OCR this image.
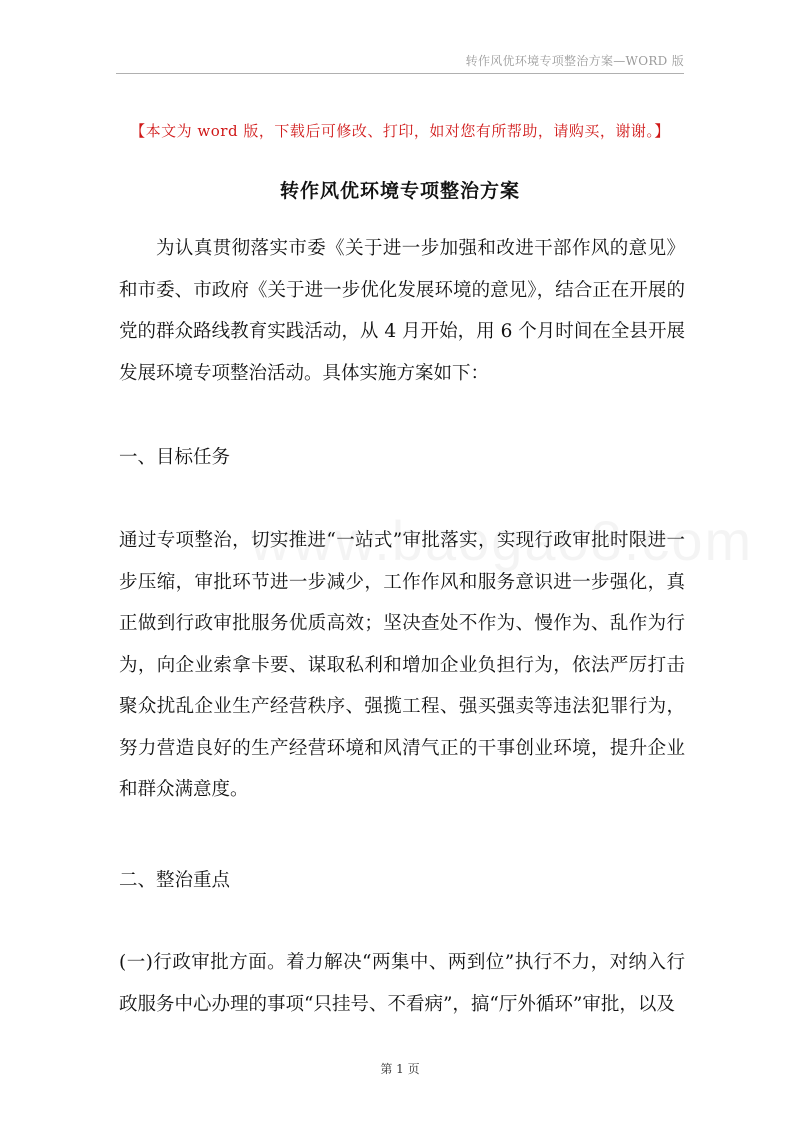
转作风优环境专项整治方案—WORD 版
【本文为 word 版，下载后可修改、打印，如对您有所帮助，请购买，谢谢。】
转作风优环境专项整治方案
为认真贯彻落实市委《关于进一步加强和改进干部作风的意见》和市委、市政府《关于进一步优化发展环境的意见》，结合正在开展的党的群众路线教育实践活动，从 4 月开始，用 6 个月时间在全县开展发展环境专项整治活动。具体实施方案如下：
一、目标任务
通过专项整治，切实推进“一站式”审批落实，实现行政审批时限进一步压缩，审批环节进一步减少，工作作风和服务意识进一步强化，真正做到行政审批服务优质高效；坚决查处不作为、慢作为、乱作为行为，向企业索拿卡要、谋取私利和增加企业负担行为，依法严厉打击聚众扰乱企业生产经营秩序、强揽工程、强买强卖等违法犯罪行为，努力营造良好的生产经营环境和风清气正的干事创业环境，提升企业和群众满意度。
二、整治重点
(一)行政审批方面。着力解决“两集中、两到位”执行不力，对纳入行政服务中心办理的事项“只挂号、不看病”，搞“厅外循环”审批，以及
第 1 页
